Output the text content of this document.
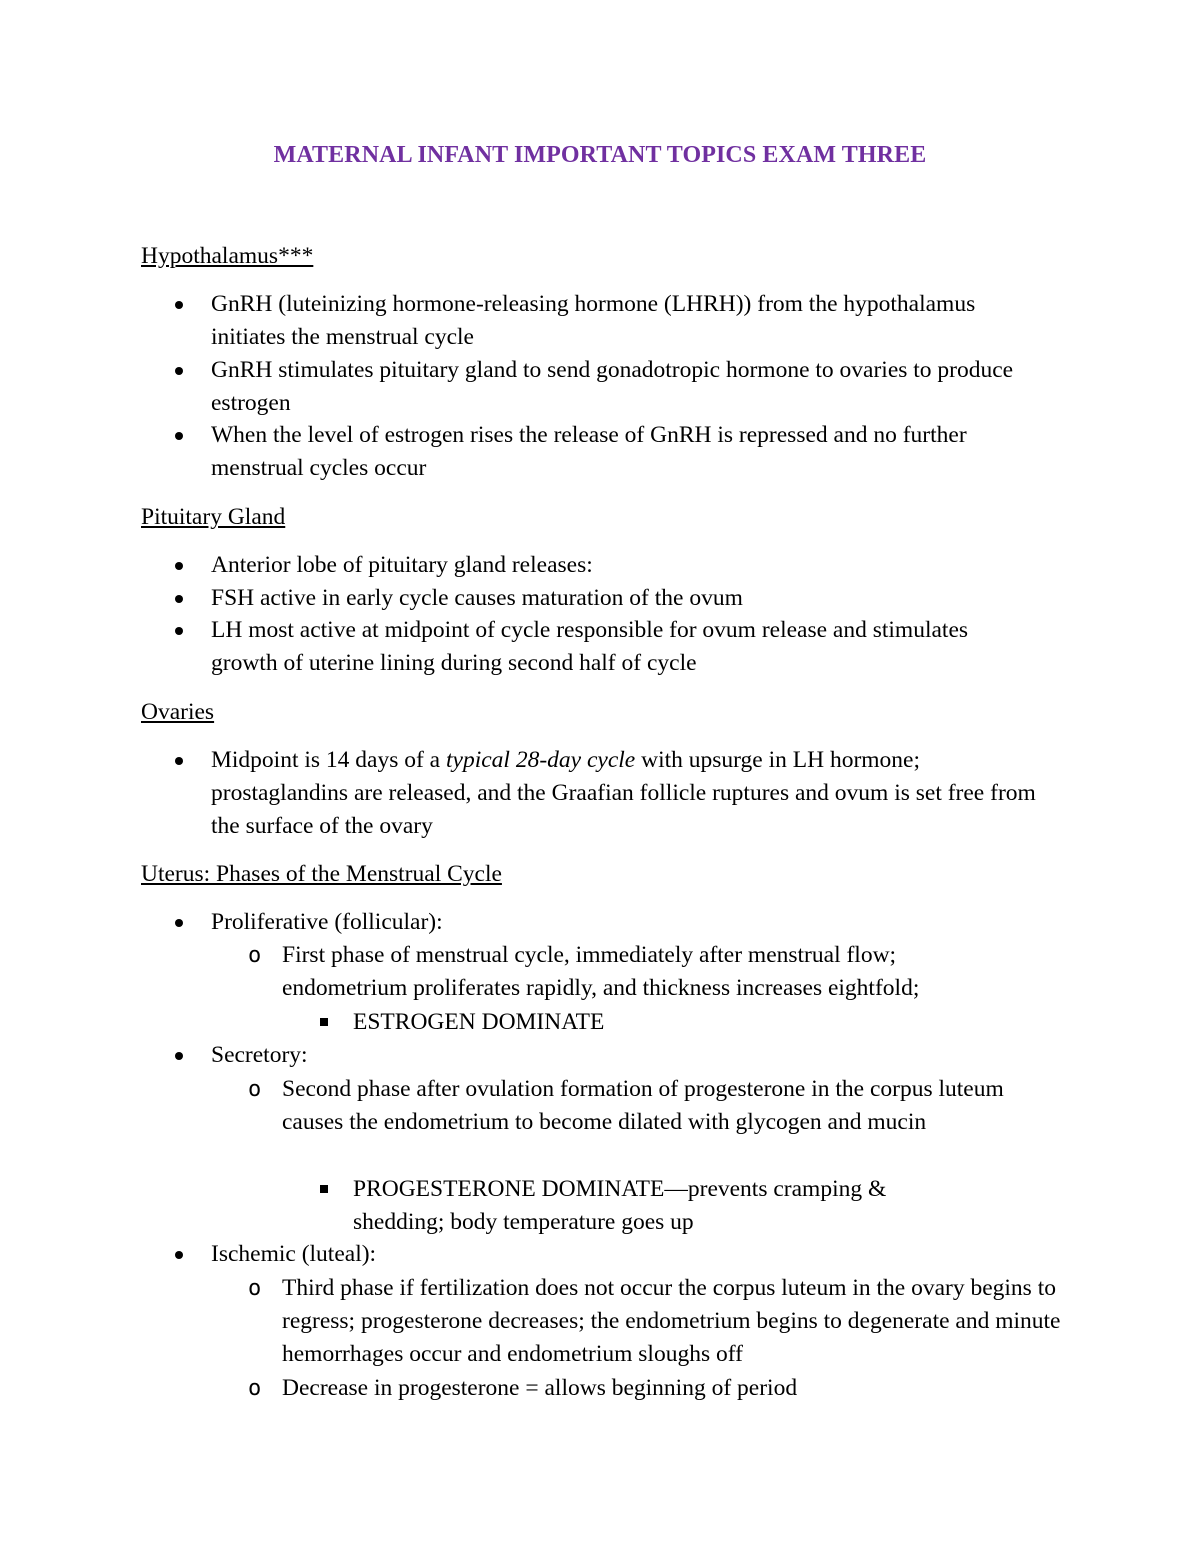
MATERNAL INFANT IMPORTANT TOPICS EXAM THREE
Hypothalamus***
GnRH (luteinizing hormone-releasing hormone (LHRH)) from the hypothalamus initiates the menstrual cycle
GnRH stimulates pituitary gland to send gonadotropic hormone to ovaries to produce estrogen
When the level of estrogen rises the release of GnRH is repressed and no further menstrual cycles occur
Pituitary Gland
Anterior lobe of pituitary gland releases:
FSH active in early cycle causes maturation of the ovum
LH most active at midpoint of cycle responsible for ovum release and stimulates growth of uterine lining during second half of cycle
Ovaries
Midpoint is 14 days of a typical 28-day cycle with upsurge in LH hormone; prostaglandins are released, and the Graafian follicle ruptures and ovum is set free from the surface of the ovary
Uterus: Phases of the Menstrual Cycle
Proliferative (follicular):
o First phase of menstrual cycle, immediately after menstrual flow; endometrium proliferates rapidly, and thickness increases eightfold;
ESTROGEN DOMINATE
Secretory:
o Second phase after ovulation formation of progesterone in the corpus luteum causes the endometrium to become dilated with glycogen and mucin
PROGESTERONE DOMINATE—prevents cramping & shedding; body temperature goes up
Ischemic (luteal):
o Third phase if fertilization does not occur the corpus luteum in the ovary begins to regress; progesterone decreases; the endometrium begins to degenerate and minute hemorrhages occur and endometrium sloughs off
o Decrease in progesterone = allows beginning of period
